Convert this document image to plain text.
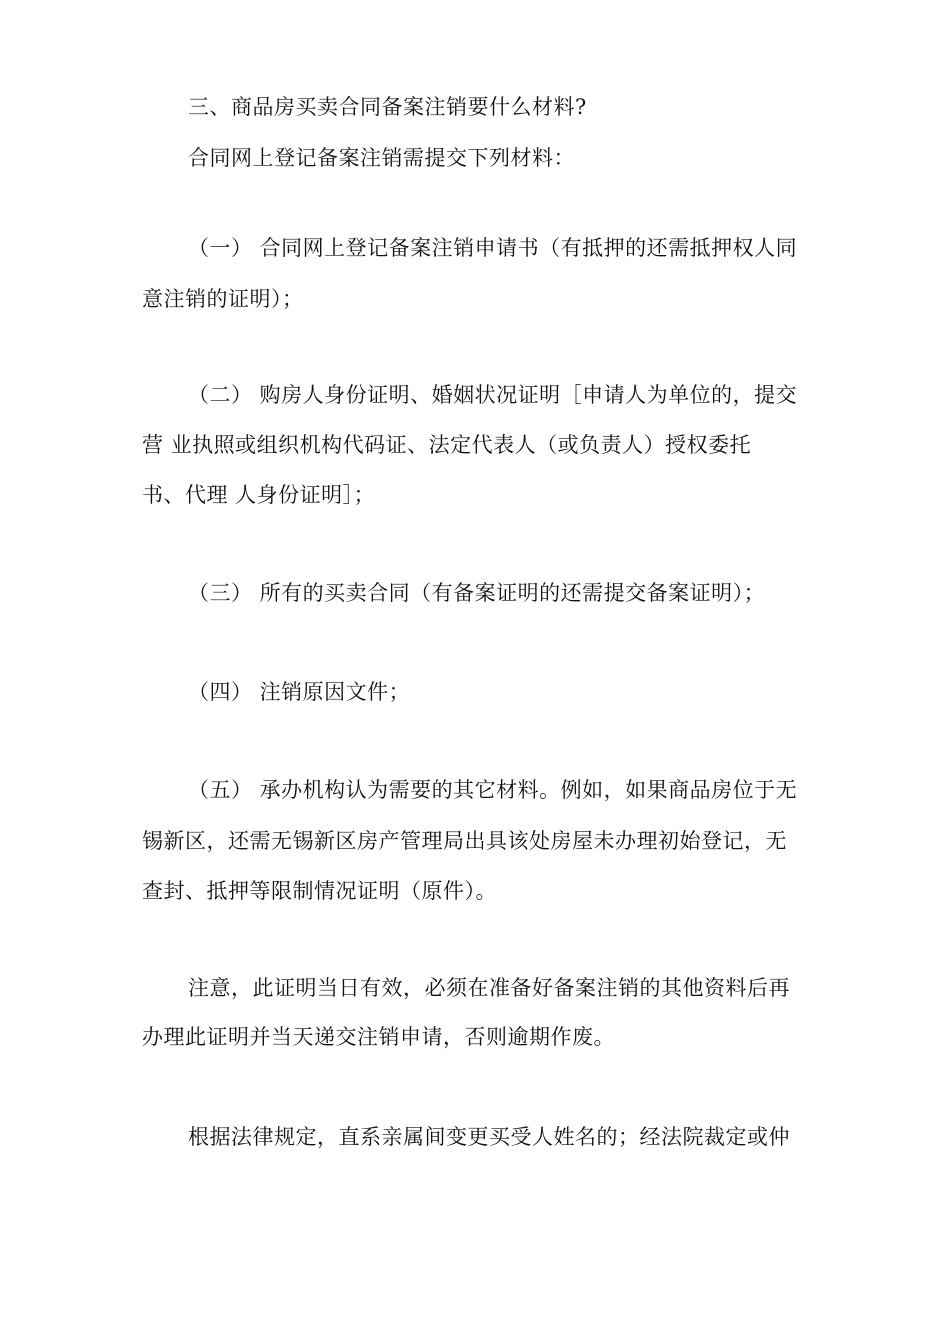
三、商品房买卖合同备案注销要什么材料?
合同网上登记备案注销需提交下列材料：
（一） 合同网上登记备案注销申请书（有抵押的还需抵押权人同
意注销的证明）；
（二） 购房人身份证明、婚姻状况证明［申请人为单位的，提交
营 业执照或组织机构代码证、法定代表人（或负责人）授权委托
书、代理 人身份证明］；
（三） 所有的买卖合同（有备案证明的还需提交备案证明）；
（四） 注销原因文件；
（五） 承办机构认为需要的其它材料。例如，如果商品房位于无
锡新区，还需无锡新区房产管理局出具该处房屋未办理初始登记，无
查封、抵押等限制情况证明（原件）。
注意，此证明当日有效，必须在准备好备案注销的其他资料后再
办理此证明并当天递交注销申请，否则逾期作废。
根据法律规定，直系亲属间变更买受人姓名的；经法院裁定或仲
